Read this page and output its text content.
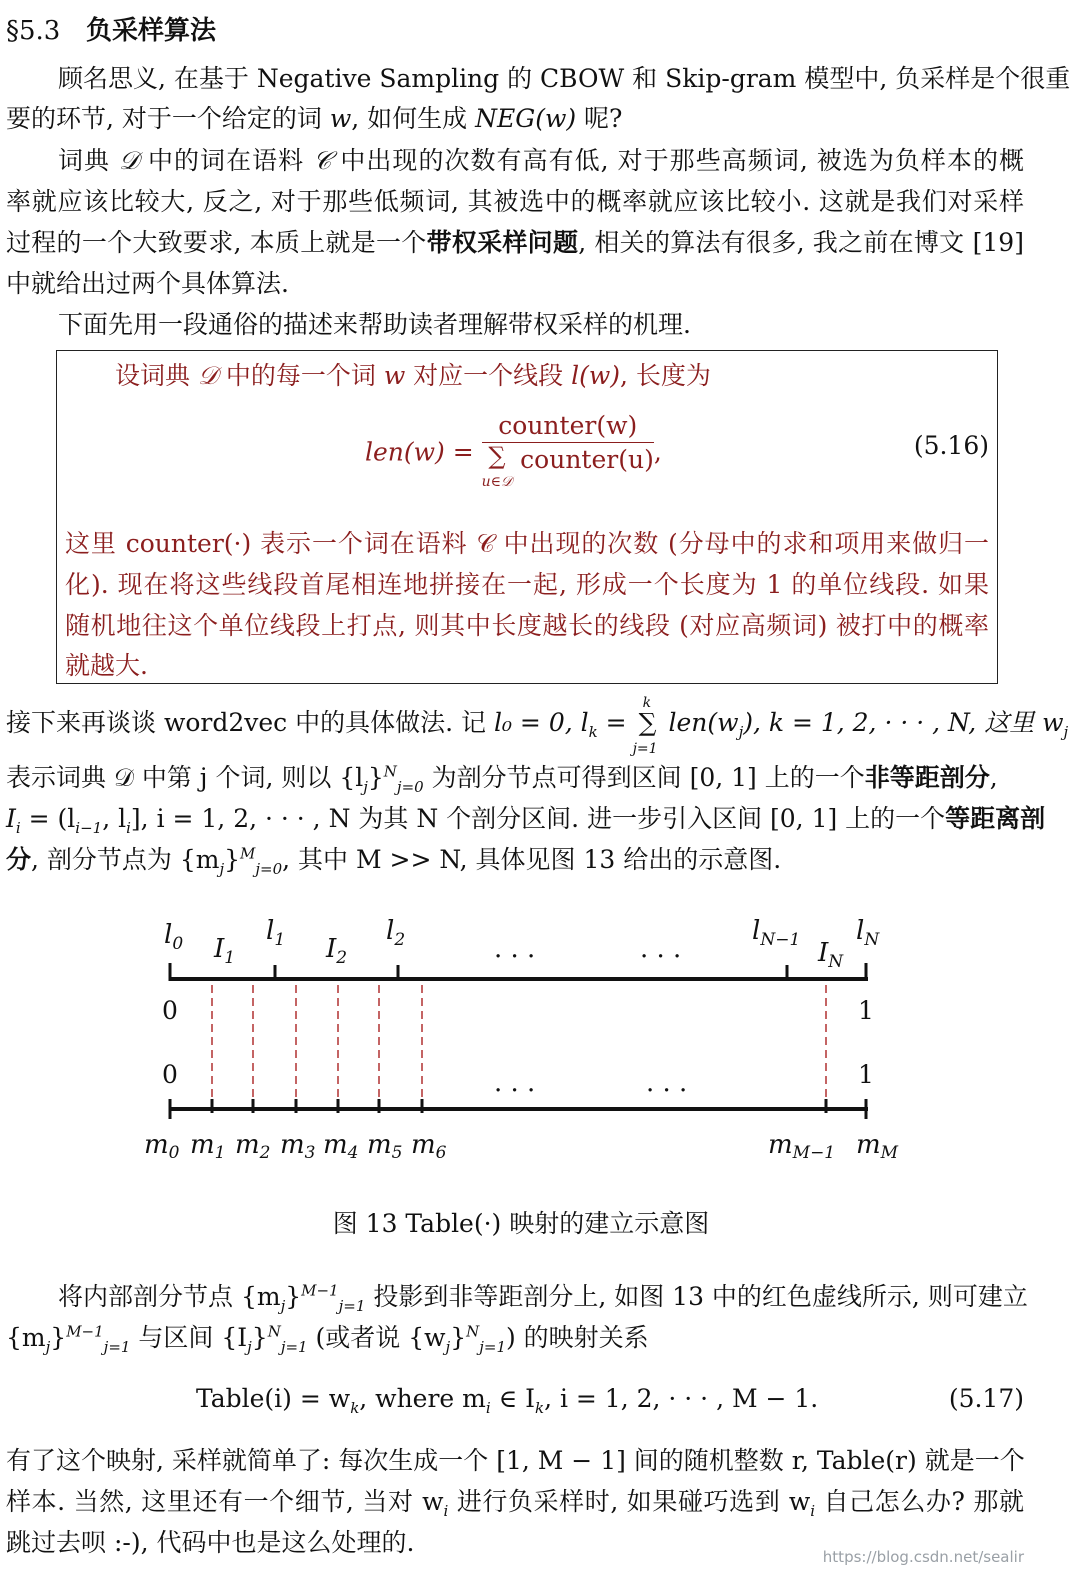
§5.3 负采样算法
顾名思义, 在基于 Negative Sampling 的 CBOW 和 Skip-gram 模型中, 负采样是个很重
要的环节, 对于一个给定的词 w, 如何生成 NEG(w) 呢?
词典 𝒟 中的词在语料 𝒞 中出现的次数有高有低, 对于那些高频词, 被选为负样本的概
率就应该比较大, 反之, 对于那些低频词, 其被选中的概率就应该比较小. 这就是我们对采样
过程的一个大致要求, 本质上就是一个带权采样问题, 相关的算法有很多, 我之前在博文 [19]
中就给出过两个具体算法.
下面先用一段通俗的描述来帮助读者理解带权采样的机理.
设词典 𝒟 中的每一个词 w 对应一个线段 l(w), 长度为
len(w) =
counter(w)
∑
u∈𝒟 counter(u) ,	(5.16)
这里 counter(·) 表示一个词在语料 𝒞 中出现的次数 (分母中的求和项用来做归一
化). 现在将这些线段首尾相连地拼接在一起, 形成一个长度为 1 的单位线段. 如果
随机地往这个单位线段上打点, 则其中长度越长的线段 (对应高频词) 被打中的概率
就越大.
接下来再谈谈 word2vec 中的具体做法. 记 l₀ = 0, $l_k$ =
k
∑
j=1
$len(w_j)$, k = 1, 2, · · · , N, 这里 $w_j$
表示词典 𝒟 中第 j 个词, 则以 $\{l_j\}^N_{j=0}$ 为剖分节点可得到区间 [0, 1] 上的一个非等距剖分,
$I_i = (l_{i-1}$, $l_i$], i = 1, 2, · · · , N 为其 N 个剖分区间. 进一步引入区间 [0, 1] 上的一个等距离剖
分, 剖分节点为 $\{m_j\}^M_{j=0}$, 其中 M >> N, 具体见图 13 给出的示意图.
$l_0$ $I_1$
$l_1$ $I_2$
$l_2$	$l_{N-1}$ $I_N$
$l_N$
· · ·	· · ·
· · ·	· · ·
0	1
0	1
m0 m1 m2 m3 m4 m5 m6	mM−1 mM
图 13 Table(·) 映射的建立示意图
将内部剖分节点 $\{m_j\}^{M-1}_{j=1}$ 投影到非等距剖分上, 如图 13 中的红色虚线所示, 则可建立
$\{m_j\}^{M-1}_{j=1}$ 与区间 $\{I_j\}^N_{j=1}$ (或者说 $\{w_j\}^N_{j=1}$) 的映射关系
Table(i) = $w_k$, where $m_i$ ∈ $I_k$, i = 1, 2, · · · , M − 1.	(5.17)
有了这个映射, 采样就简单了: 每次生成一个 [1, M − 1] 间的随机整数 r, Table(r) 就是一个
样本. 当然, 这里还有一个细节, 当对 $w_i$ 进行负采样时, 如果碰巧选到 $w_i$ 自己怎么办? 那就
跳过去呗 :-), 代码中也是这么处理的.	https://blog.csdn.net/sealir
